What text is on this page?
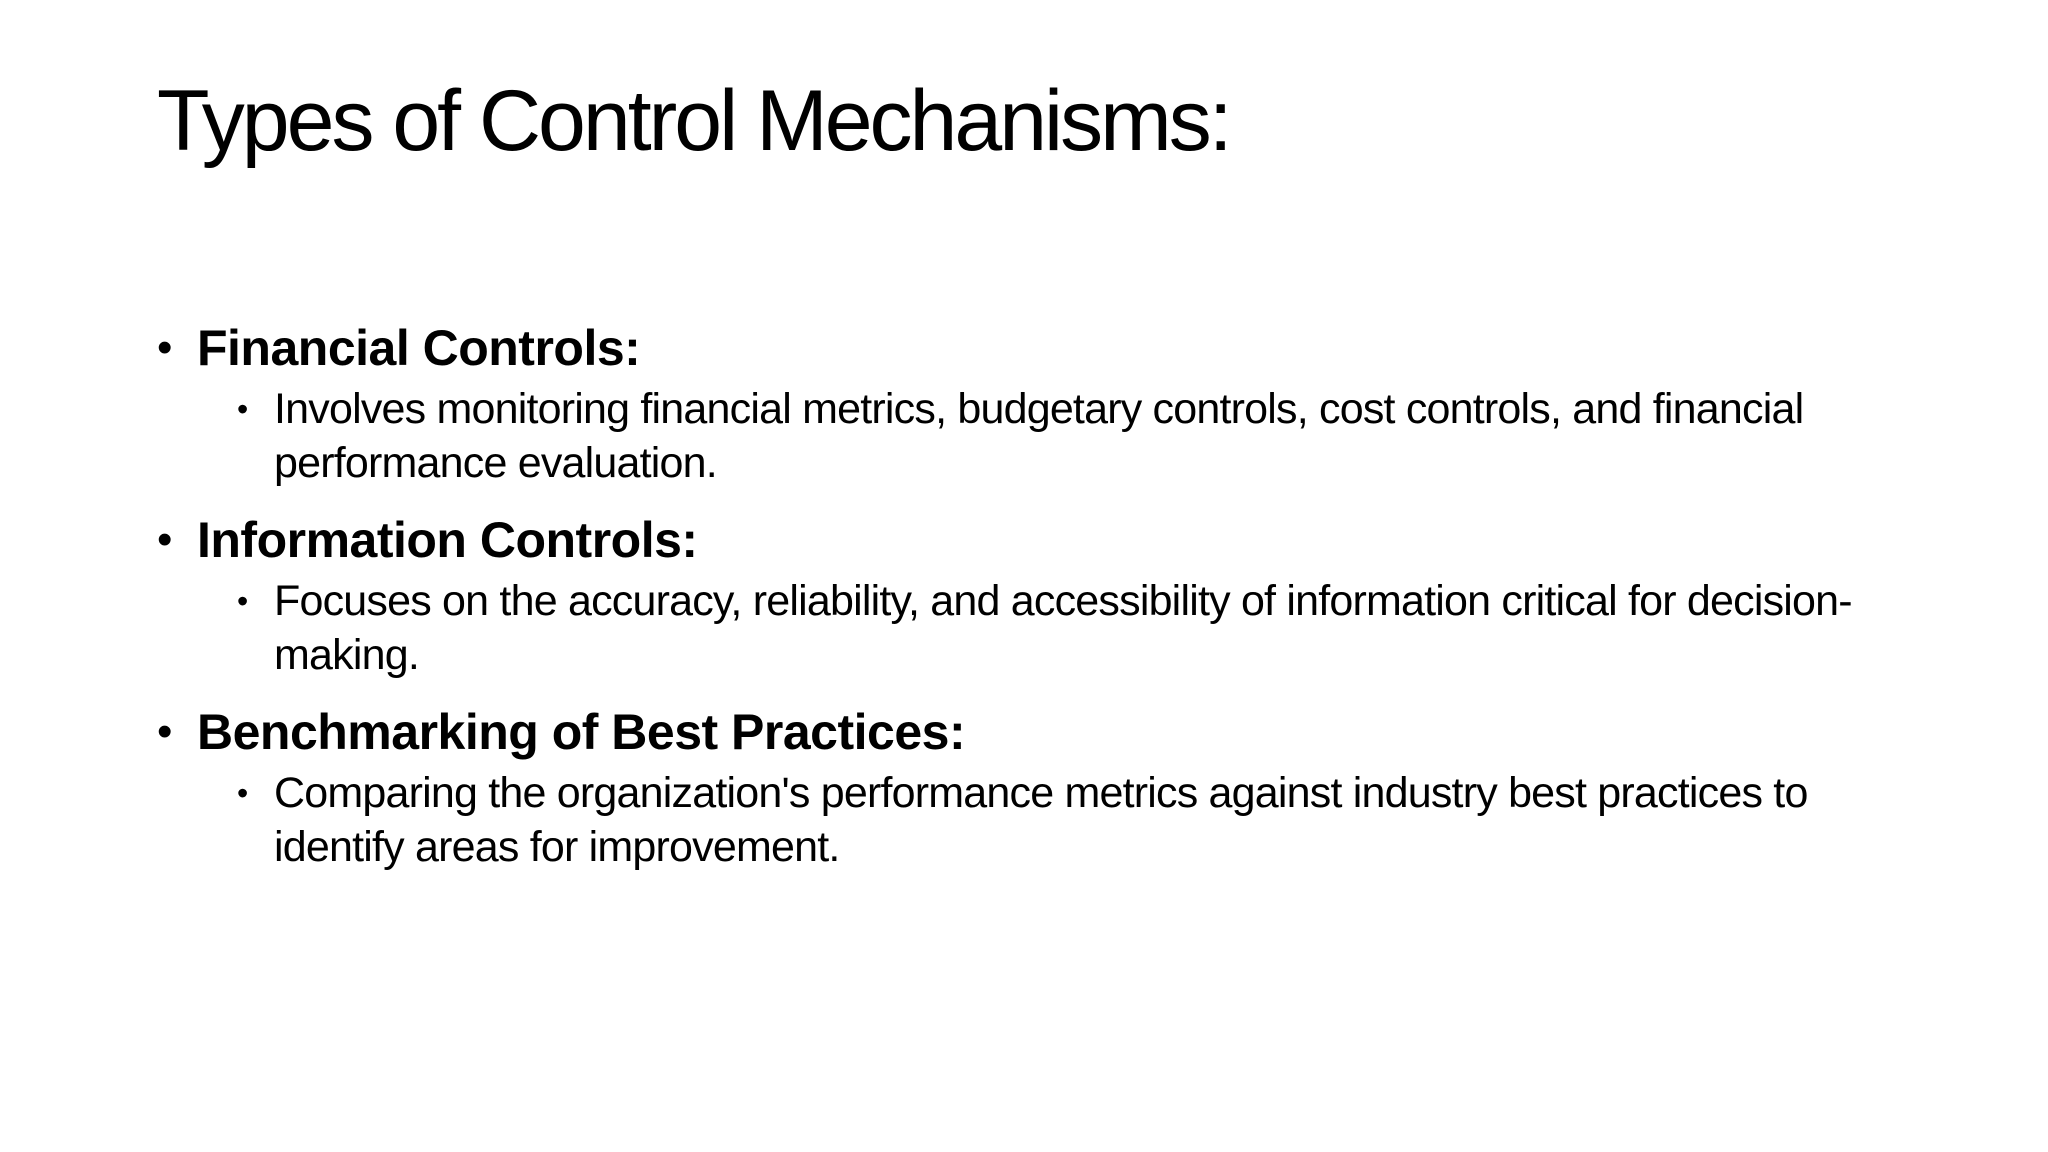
Types of Control Mechanisms:
• Financial Controls:
• Involves monitoring financial metrics, budgetary controls, cost controls, and financial performance evaluation.
• Information Controls:
• Focuses on the accuracy, reliability, and accessibility of information critical for decision-making.
• Benchmarking of Best Practices:
• Comparing the organization's performance metrics against industry best practices to identify areas for improvement.
